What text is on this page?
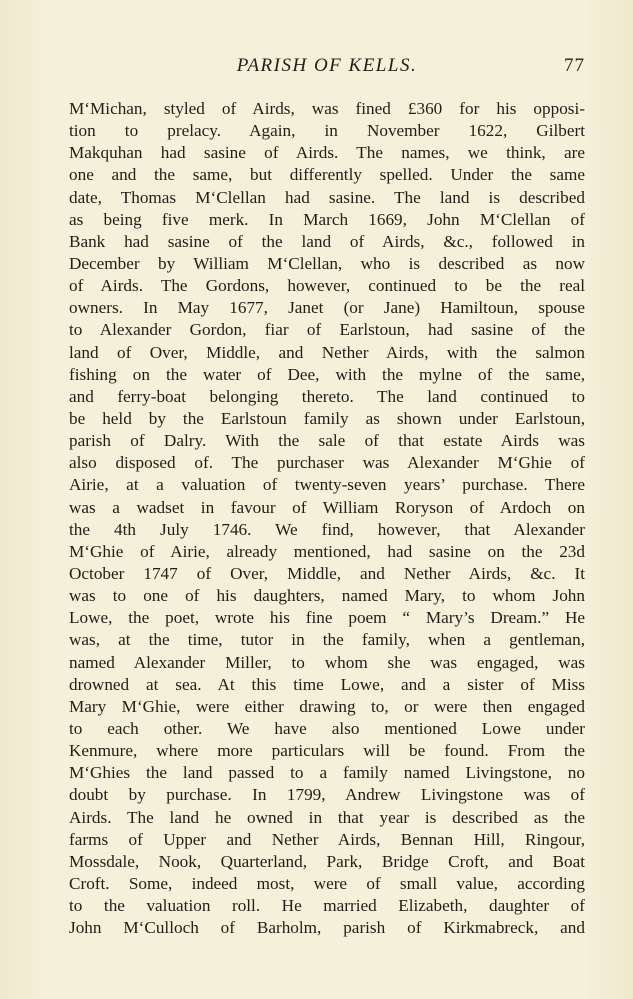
PARISH OF KELLS.	77
M‘Michan, styled of Airds, was fined £360 for his opposi-
tion to prelacy. Again, in November 1622, Gilbert
Makquhan had sasine of Airds. The names, we think, are
one and the same, but differently spelled. Under the same
date, Thomas M‘Clellan had sasine. The land is described
as being five merk. In March 1669, John M‘Clellan of
Bank had sasine of the land of Airds, &c., followed in
December by William M‘Clellan, who is described as now
of Airds. The Gordons, however, continued to be the real
owners. In May 1677, Janet (or Jane) Hamiltoun, spouse
to Alexander Gordon, fiar of Earlstoun, had sasine of the
land of Over, Middle, and Nether Airds, with the salmon
fishing on the water of Dee, with the mylne of the same,
and ferry-boat belonging thereto. The land continued to
be held by the Earlstoun family as shown under Earlstoun,
parish of Dalry. With the sale of that estate Airds was
also disposed of. The purchaser was Alexander M‘Ghie of
Airie, at a valuation of twenty-seven years’ purchase. There
was a wadset in favour of William Roryson of Ardoch on
the 4th July 1746. We find, however, that Alexander
M‘Ghie of Airie, already mentioned, had sasine on the 23d
October 1747 of Over, Middle, and Nether Airds, &c. It
was to one of his daughters, named Mary, to whom John
Lowe, the poet, wrote his fine poem “ Mary’s Dream.” He
was, at the time, tutor in the family, when a gentleman,
named Alexander Miller, to whom she was engaged, was
drowned at sea. At this time Lowe, and a sister of Miss
Mary M‘Ghie, were either drawing to, or were then engaged
to each other. We have also mentioned Lowe under
Kenmure, where more particulars will be found. From the
M‘Ghies the land passed to a family named Livingstone, no
doubt by purchase. In 1799, Andrew Livingstone was of
Airds. The land he owned in that year is described as the
farms of Upper and Nether Airds, Bennan Hill, Ringour,
Mossdale, Nook, Quarterland, Park, Bridge Croft, and Boat
Croft. Some, indeed most, were of small value, according
to the valuation roll. He married Elizabeth, daughter of
John M‘Culloch of Barholm, parish of Kirkmabreck, and
